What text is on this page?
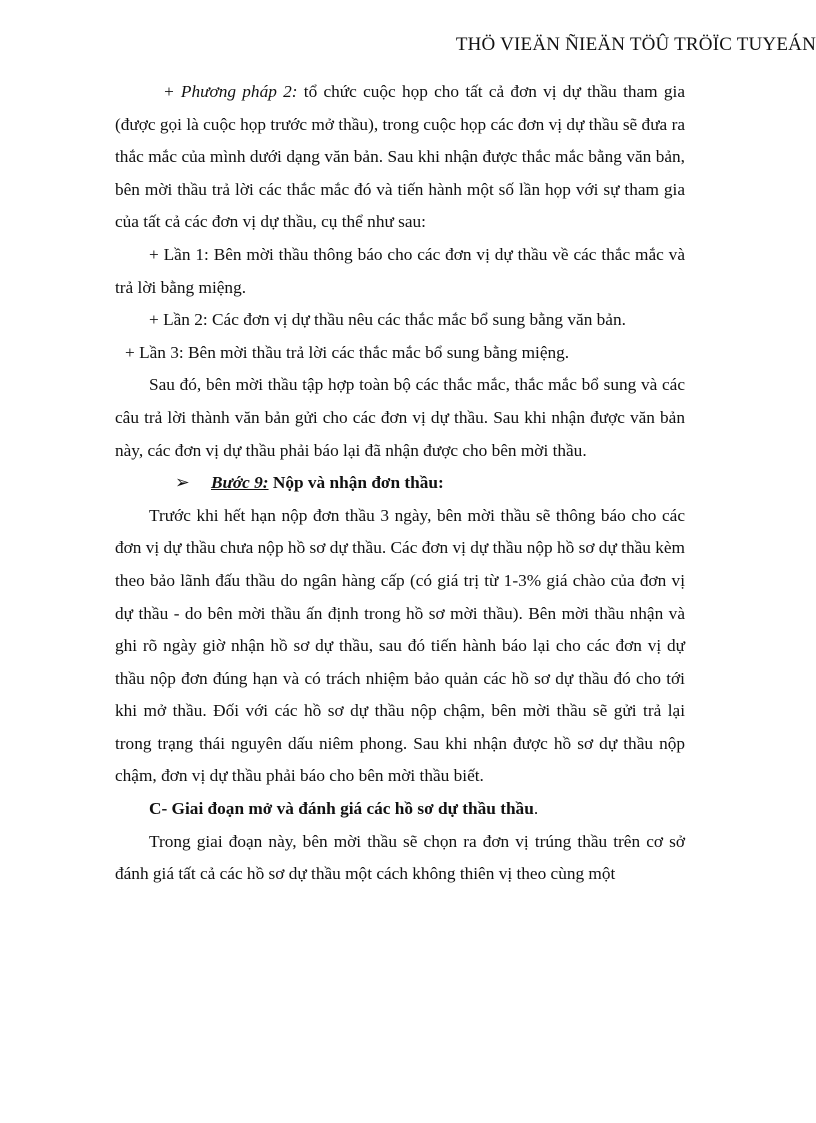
THÖ VIEÄN ÑIEÄN TÖÛ TRÖÏC TUYEÁN

+ Phương pháp 2: tổ chức cuộc họp cho tất cả đơn vị dự thầu tham gia (được gọi là cuộc họp trước mở thầu), trong cuộc họp các đơn vị dự thầu sẽ đưa ra thắc mắc của mình dưới dạng văn bản. Sau khi nhận được thắc mắc bằng văn bản, bên mời thầu trả lời các thắc mắc đó và tiến hành một số lần họp với sự tham gia của tất cả các đơn vị dự thầu, cụ thể như sau:

+ Lần 1: Bên mời thầu thông báo cho các đơn vị dự thầu về các thắc mắc và trả lời bằng miệng.

+ Lần 2: Các đơn vị dự thầu nêu các thắc mắc bổ sung bằng văn bản.

+ Lần 3: Bên mời thầu trả lời các thắc mắc bổ sung bằng miệng.

Sau đó, bên mời thầu tập hợp toàn bộ các thắc mắc, thắc mắc bổ sung và các câu trả lời thành văn bản gửi cho các đơn vị dự thầu. Sau khi nhận được văn bản này, các đơn vị dự thầu phải báo lại đã nhận được cho bên mời thầu.

➢ Bước 9: Nộp và nhận đơn thầu:

Trước khi hết hạn nộp đơn thầu 3 ngày, bên mời thầu sẽ thông báo cho các đơn vị dự thầu chưa nộp hồ sơ dự thầu. Các đơn vị dự thầu nộp hồ sơ dự thầu kèm theo bảo lãnh đấu thầu do ngân hàng cấp (có giá trị từ 1-3% giá chào của đơn vị dự thầu - do bên mời thầu ấn định trong hồ sơ mời thầu). Bên mời thầu nhận và ghi rõ ngày giờ nhận hồ sơ dự thầu, sau đó tiến hành báo lại cho các đơn vị dự thầu nộp đơn đúng hạn và có trách nhiệm bảo quản các hồ sơ dự thầu đó cho tới khi mở thầu. Đối với các hồ sơ dự thầu nộp chậm, bên mời thầu sẽ gửi trả lại trong trạng thái nguyên dấu niêm phong. Sau khi nhận được hồ sơ dự thầu nộp chậm, đơn vị dự thầu phải báo cho bên mời thầu biết.

C- Giai đoạn mở và đánh giá các hồ sơ dự thầu thầu.

Trong giai đoạn này, bên mời thầu sẽ chọn ra đơn vị trúng thầu trên cơ sở đánh giá tất cả các hồ sơ dự thầu một cách không thiên vị theo cùng một
